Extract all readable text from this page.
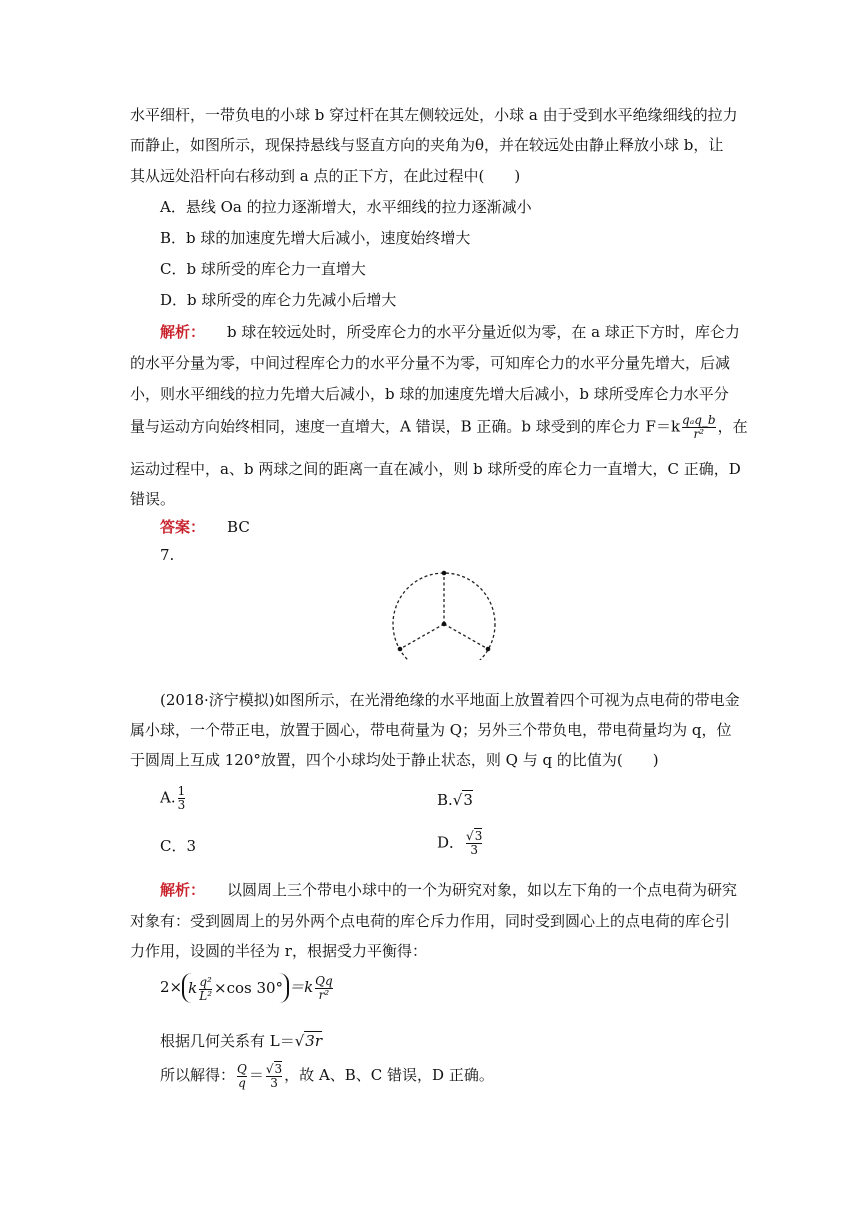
水平细杆，一带负电的小球 b 穿过杆在其左侧较远处，小球 a 由于受到水平绝缘细线的拉力
而静止，如图所示，现保持悬线与竖直方向的夹角为θ，并在较远处由静止释放小球 b，让
其从远处沿杆向右移动到 a 点的正下方，在此过程中(　　)
A．悬线 Oa 的拉力逐渐增大，水平细线的拉力逐渐减小
B．b 球的加速度先增大后减小，速度始终增大
C．b 球所受的库仑力一直增大
D．b 球所受的库仑力先减小后增大
解析： b 球在较远处时，所受库仑力的水平分量近似为零，在 a 球正下方时，库仑力
的水平分量为零，中间过程库仑力的水平分量不为零，可知库仑力的水平分量先增大，后减
小，则水平细线的拉力先增大后减小，b 球的加速度先增大后减小，b 球所受库仑力水平分
量与运动方向始终相同，速度一直增大，A 错误，B 正确。b 球受到的库仑力 $F=k \frac{\text{qₐq\_b}}{\text{r²}}$ ，在
运动过程中，a、b 两球之间的距离一直在减小，则 b 球所受的库仑力一直增大，C 正确，D
错误。
答案： BC
7.
(2018·济宁模拟)如图所示，在光滑绝缘的水平地面上放置着四个可视为点电荷的带电金
属小球，一个带正电，放置于圆心，带电荷量为 Q；另外三个带负电，带电荷量均为 q，位
于圆周上互成 120°放置，四个小球均处于静止状态，则 Q 与 q 的比值为(　　)
A. $\frac{1}{3}$	B.√3
C．3	D． $\frac{√3}{3}$
解析： 以圆周上三个带电小球中的一个为研究对象，如以左下角的一个点电荷为研究
对象有：受到圆周上的另外两个点电荷的库仑斥力作用，同时受到圆心上的点电荷的库仑引
力作用，设圆的半径为 r，根据受力平衡得：
2× k $\frac{\text{q²}}{\text{L²}} \times\cos$ $30^\circ =k \frac{Qq}{\text{r²}}$
根据几何关系有 L＝√3r
所以解得： $\frac{Q}{q} = \frac{√3}{3}$ ，故 A、B、C 错误，D 正确。
